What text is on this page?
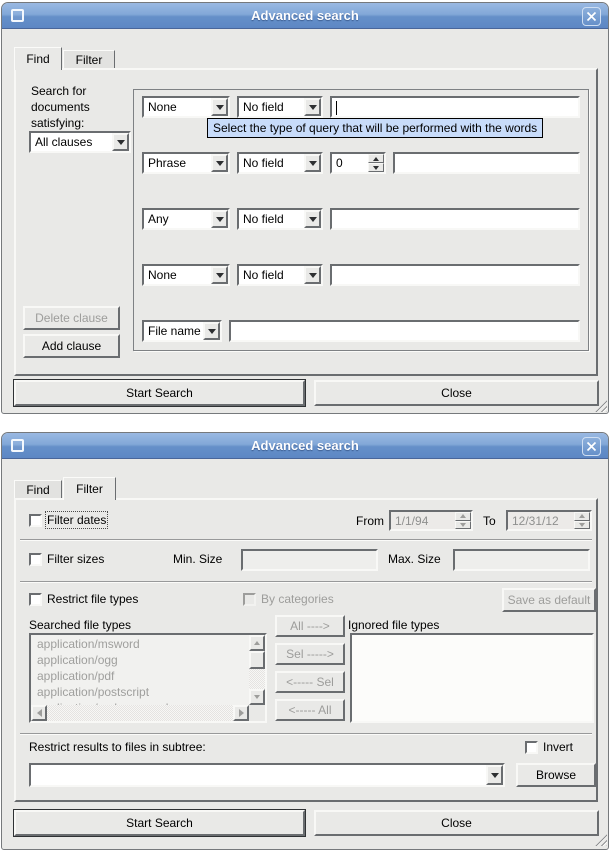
Advanced search
Find Filter
Search for documents satisfying:
All clauses
Delete clause
Add clause
None	No field
Phrase	No field	0
Any	No field
None	No field
File name
Select the type of query that will be performed with the words
Start Search	Close
Advanced search
Find Filter
Filter dates	From 1/1/94	To	12/31/12
Filter sizes	Min. Size	Max. Size
Restrict file types	By categories	Save as default
Searched file types	Ignored file types
application/msword
application/ogg
application/pdf
application/postscript
All ---->
Sel ----->
<----- Sel
<----- All
Restrict results to files in subtree:	Invert
Browse
Start Search	Close
